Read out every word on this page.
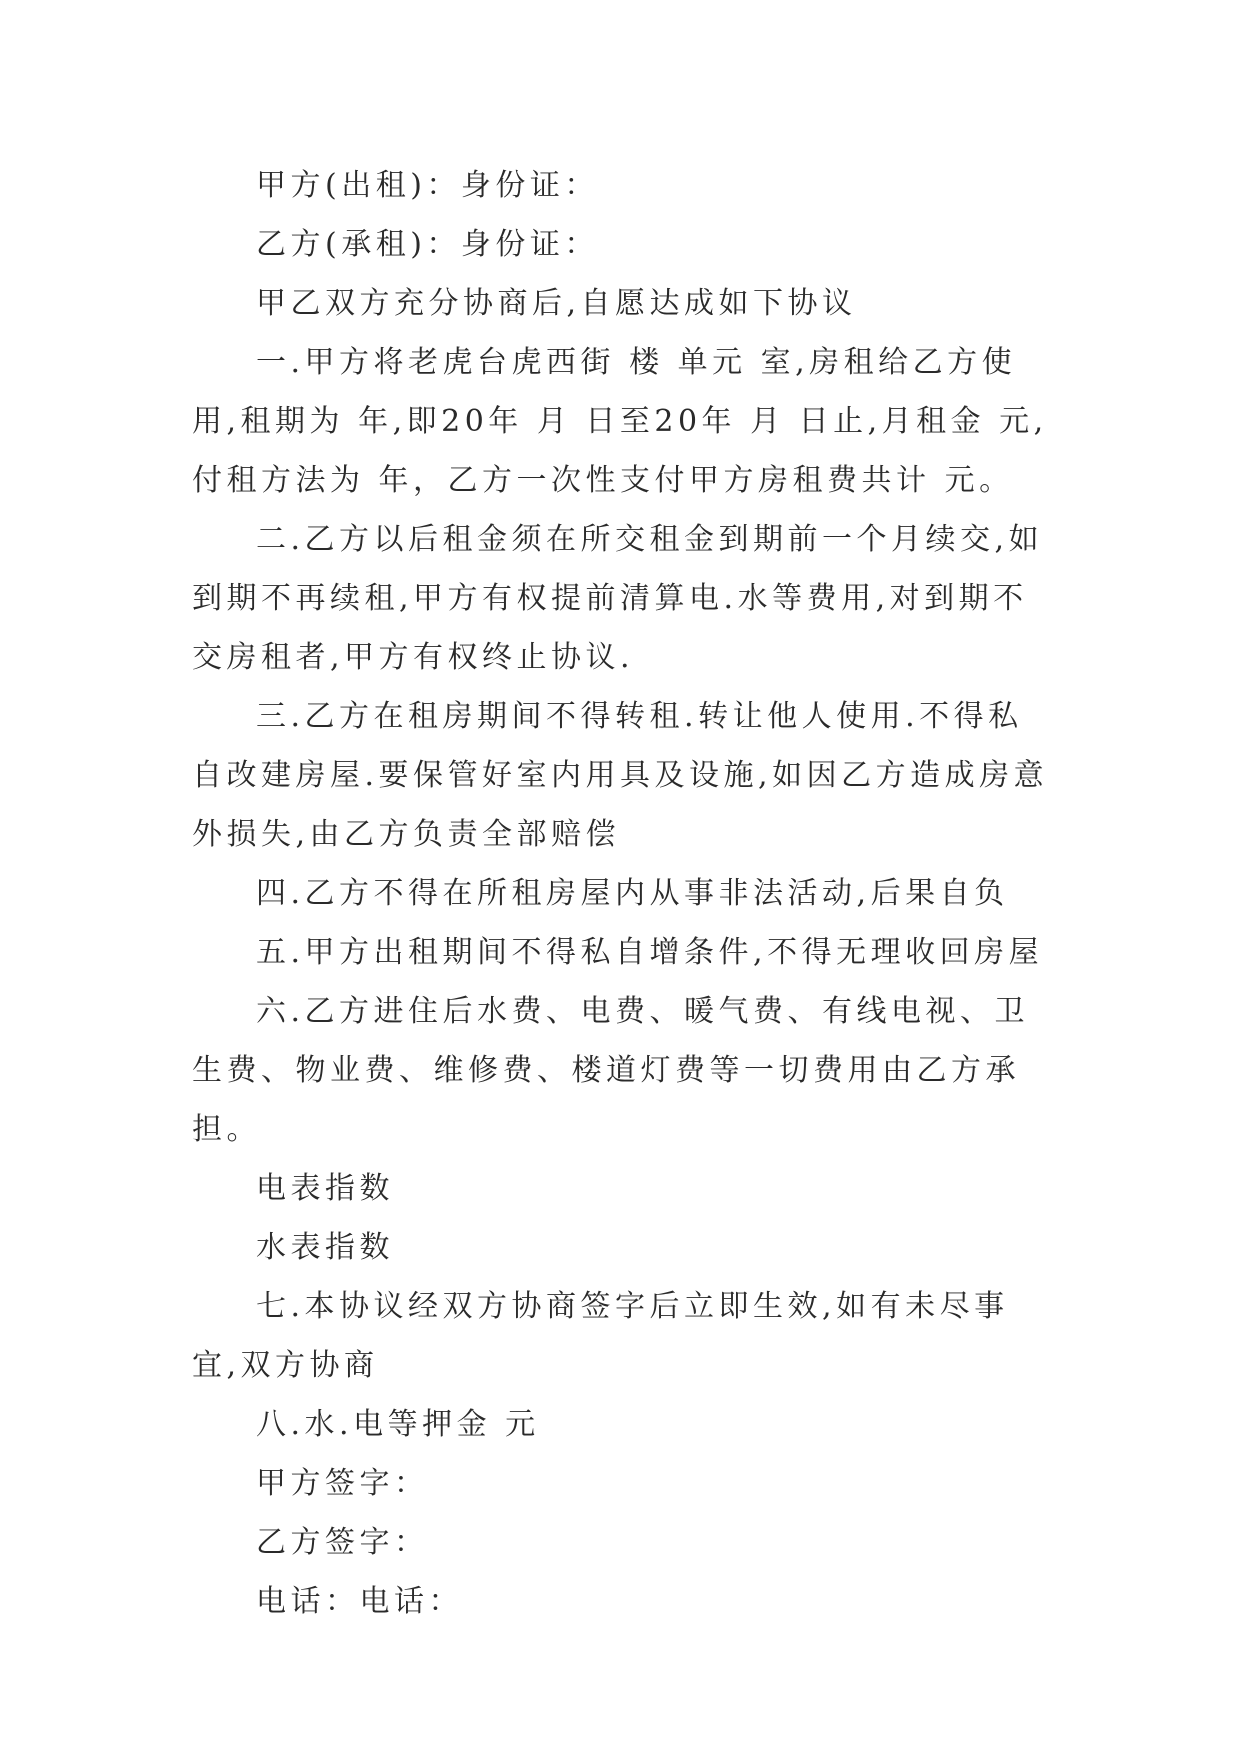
甲方(出租)：身份证：

乙方(承租)：身份证：

甲乙双方充分协商后,自愿达成如下协议

一.甲方将老虎台虎西街 楼 单元 室,房租给乙方使用,租期为 年,即20年 月 日至20年 月 日止,月租金 元,付租方法为 年，乙方一次性支付甲方房租费共计 元。

二.乙方以后租金须在所交租金到期前一个月续交,如到期不再续租,甲方有权提前清算电.水等费用,对到期不交房租者,甲方有权终止协议.

三.乙方在租房期间不得转租.转让他人使用.不得私自改建房屋.要保管好室内用具及设施,如因乙方造成房意外损失,由乙方负责全部赔偿

四.乙方不得在所租房屋内从事非法活动,后果自负

五.甲方出租期间不得私自增条件,不得无理收回房屋

六.乙方进住后水费、电费、暖气费、有线电视、卫生费、物业费、维修费、楼道灯费等一切费用由乙方承担。

电表指数

水表指数

七.本协议经双方协商签字后立即生效,如有未尽事宜,双方协商

八.水.电等押金 元

甲方签字：

乙方签字：

电话：电话：
